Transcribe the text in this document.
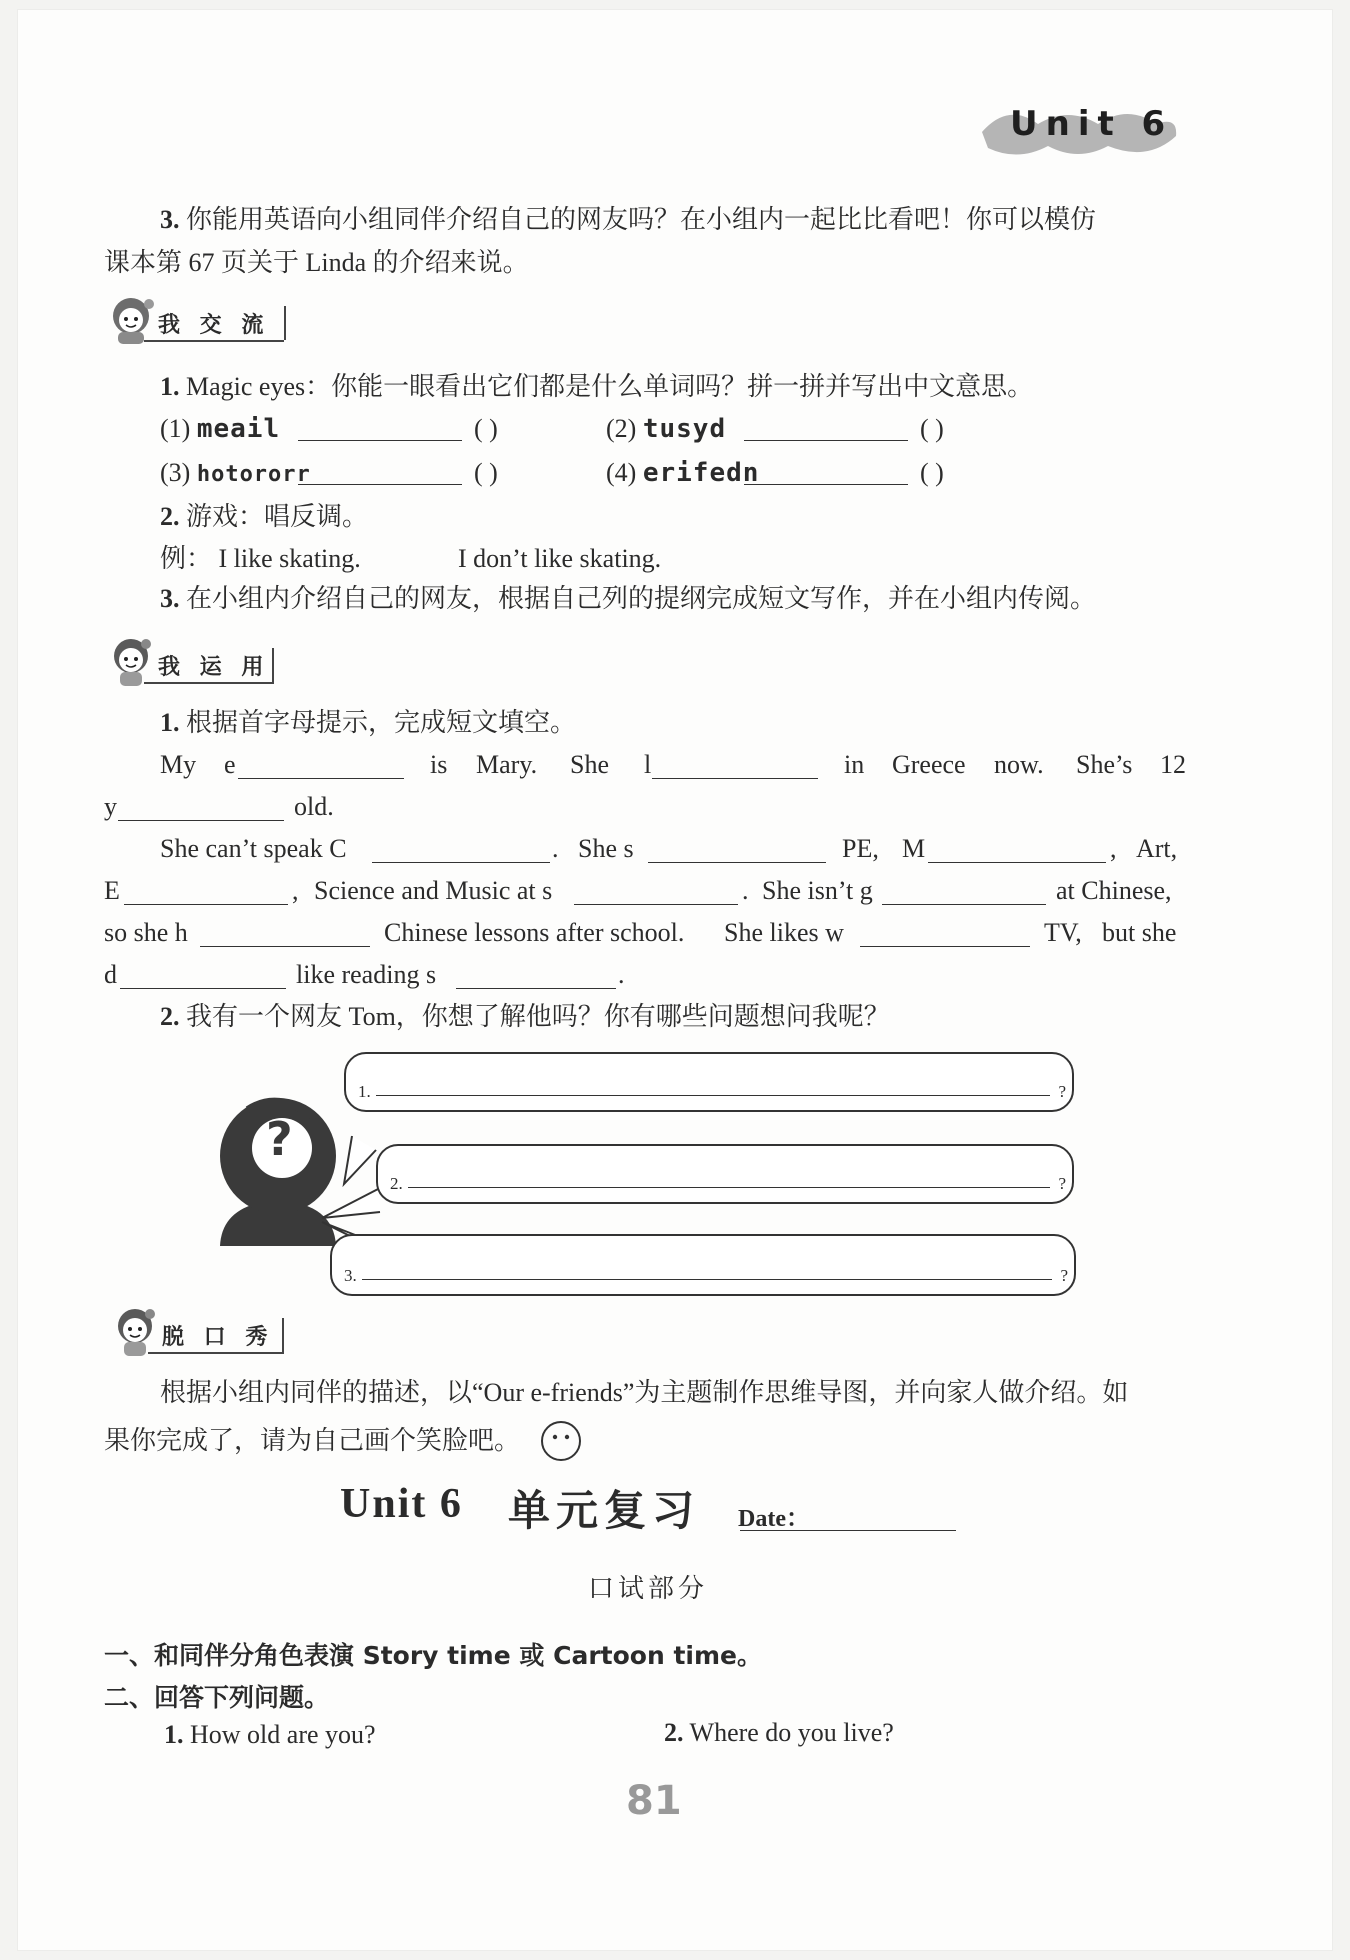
Unit 6
3. 你能用英语向小组同伴介绍自己的网友吗？在小组内一起比比看吧！你可以模仿
课本第 67 页关于 Linda 的介绍来说。
我 交 流
1. Magic eyes：你能一眼看出它们都是什么单词吗？拼一拼并写出中文意思。
(1) meail	( )	(2) tusyd	( )
(3) hotororr	( )	(4) erifedn	( )
2. 游戏：唱反调。
例： I like skating.	I don’t like skating.
3. 在小组内介绍自己的网友，根据自己列的提纲完成短文写作，并在小组内传阅。
我 运 用
1. 根据首字母提示，完成短文填空。
My e	is Mary. She l	in Greece now. She’s 12
y	old.
She can’t speak C	. She s	PE, M	, Art,
E	, Science and Music at s	. She isn’t g	at Chinese,
so she h	Chinese lessons after school. She likes w	TV, but she
d	like reading s	.
2. 我有一个网友 Tom，你想了解他吗？你有哪些问题想问我呢？
?
1.	?
2.	?
3.	?
脱 口 秀
根据小组内同伴的描述，以“Our e-friends”为主题制作思维导图，并向家人做介绍。如
果你完成了，请为自己画个笑脸吧。
Unit 6 单元复习 Date：
口试部分
一、和同伴分角色表演 Story time 或 Cartoon time。
二、回答下列问题。
1. How old are you?	2. Where do you live?
81
